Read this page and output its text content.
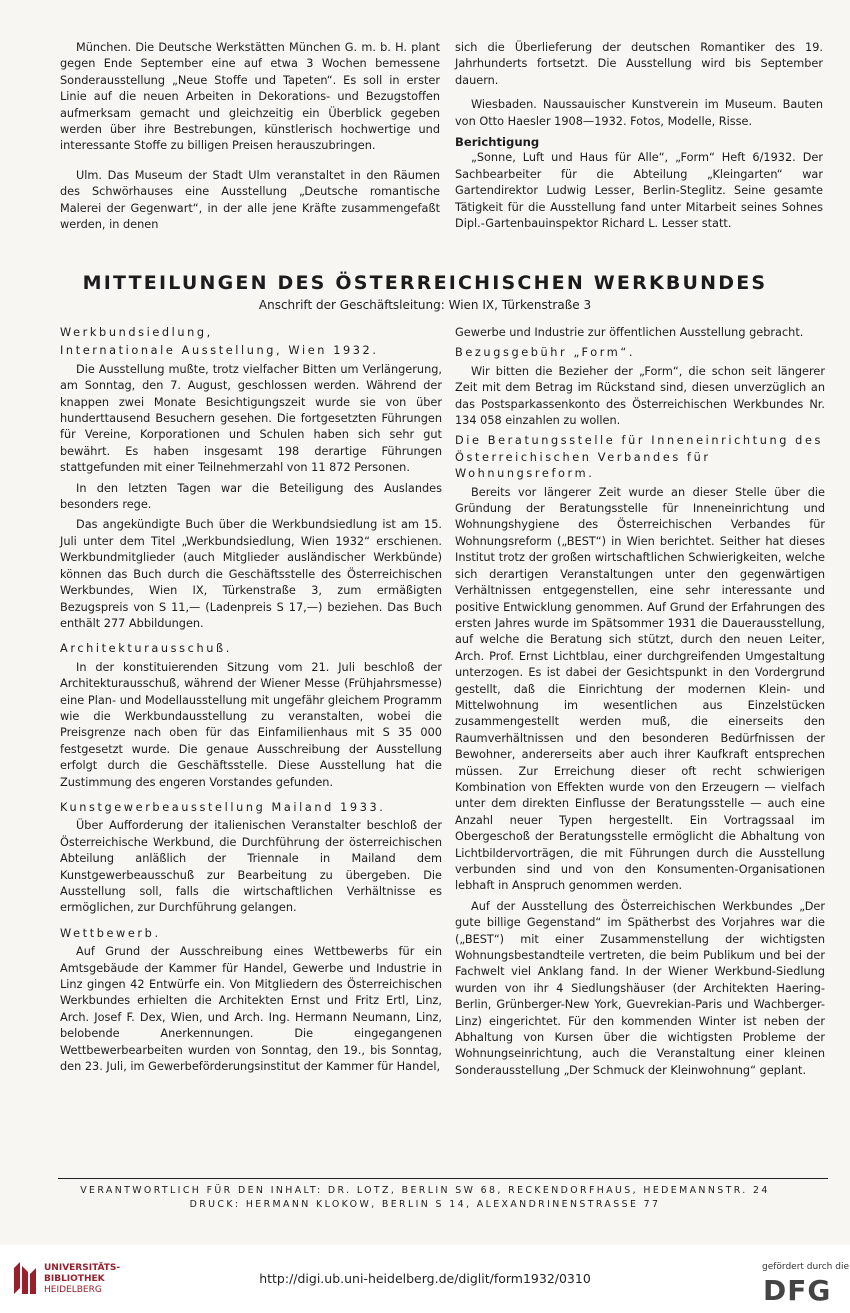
München. Die Deutsche Werkstätten München G. m. b. H. plant gegen Ende September eine auf etwa 3 Wochen bemessene Sonderausstellung „Neue Stoffe und Tapeten“. Es soll in erster Linie auf die neuen Arbeiten in Dekorations- und Bezugstoffen aufmerksam gemacht und gleichzeitig ein Überblick gegeben werden über ihre Bestrebungen, künstlerisch hochwertige und interessante Stoffe zu billigen Preisen herauszubringen.

Ulm. Das Museum der Stadt Ulm veranstaltet in den Räumen des Schwörhauses eine Ausstellung „Deutsche romantische Malerei der Gegenwart“, in der alle jene Kräfte zusammengefaßt werden, in denen

sich die Überlieferung der deutschen Romantiker des 19. Jahrhunderts fortsetzt. Die Ausstellung wird bis September dauern.

Wiesbaden. Naussauischer Kunstverein im Museum. Bauten von Otto Haesler 1908—1932. Fotos, Modelle, Risse.

Berichtigung

„Sonne, Luft und Haus für Alle“, „Form“ Heft 6/1932. Der Sachbearbeiter für die Abteilung „Kleingarten“ war Gartendirektor Ludwig Lesser, Berlin-Steglitz. Seine gesamte Tätigkeit für die Ausstellung fand unter Mitarbeit seines Sohnes Dipl.-Gartenbauinspektor Richard L. Lesser statt.

MITTEILUNGEN DES ÖSTERREICHISCHEN WERKBUNDES
Anschrift der Geschäftsleitung: Wien IX, Türkenstraße 3
Werkbundsiedlung,
Internationale Ausstellung, Wien 1932.

Die Ausstellung mußte, trotz vielfacher Bitten um Verlängerung, am Sonntag, den 7. August, geschlossen werden. Während der knappen zwei Monate Besichtigungszeit wurde sie von über hunderttausend Besuchern gesehen. Die fortgesetzten Führungen für Vereine, Korporationen und Schulen haben sich sehr gut bewährt. Es haben insgesamt 198 derartige Führungen stattgefunden mit einer Teilnehmerzahl von 11 872 Personen.

In den letzten Tagen war die Beteiligung des Auslandes besonders rege.

Das angekündigte Buch über die Werkbundsiedlung ist am 15. Juli unter dem Titel „Werkbundsiedlung, Wien 1932“ erschienen. Werkbundmitglieder (auch Mitglieder ausländischer Werkbünde) können das Buch durch die Geschäftsstelle des Österreichischen Werkbundes, Wien IX, Türkenstraße 3, zum ermäßigten Bezugspreis von S 11,— (Ladenpreis S 17,—) beziehen. Das Buch enthält 277 Abbildungen.

Architekturausschuß.

In der konstituierenden Sitzung vom 21. Juli beschloß der Architekturausschuß, während der Wiener Messe (Frühjahrsmesse) eine Plan- und Modellausstellung mit ungefähr gleichem Programm wie die Werkbundausstellung zu veranstalten, wobei die Preisgrenze nach oben für das Einfamilienhaus mit S 35 000 festgesetzt wurde. Die genaue Ausschreibung der Ausstellung erfolgt durch die Geschäftsstelle. Diese Ausstellung hat die Zustimmung des engeren Vorstandes gefunden.

Kunstgewerbeausstellung Mailand 1933.

Über Aufforderung der italienischen Veranstalter beschloß der Österreichische Werkbund, die Durchführung der österreichischen Abteilung anläßlich der Triennale in Mailand dem Kunstgewerbeausschuß zur Bearbeitung zu übergeben. Die Ausstellung soll, falls die wirtschaftlichen Verhältnisse es ermöglichen, zur Durchführung gelangen.

Wettbewerb.

Auf Grund der Ausschreibung eines Wettbewerbs für ein Amtsgebäude der Kammer für Handel, Gewerbe und Industrie in Linz gingen 42 Entwürfe ein. Von Mitgliedern des Österreichischen Werkbundes erhielten die Architekten Ernst und Fritz Ertl, Linz, Arch. Josef F. Dex, Wien, und Arch. Ing. Hermann Neumann, Linz, belobende Anerkennungen. Die eingegangenen Wettbewerbearbeiten wurden von Sonntag, den 19., bis Sonntag, den 23. Juli, im Gewerbeförderungsinstitut der Kammer für Handel,

Gewerbe und Industrie zur öffentlichen Ausstellung gebracht.

Bezugsgebühr „Form“.

Wir bitten die Bezieher der „Form“, die schon seit längerer Zeit mit dem Betrag im Rückstand sind, diesen unverzüglich an das Postsparkassenkonto des Österreichischen Werkbundes Nr. 134 058 einzahlen zu wollen.

Die Beratungsstelle für Inneneinrichtung des Österreichischen Verbandes für Wohnungsreform.

Bereits vor längerer Zeit wurde an dieser Stelle über die Gründung der Beratungsstelle für Inneneinrichtung und Wohnungshygiene des Österreichischen Verbandes für Wohnungsreform („BEST“) in Wien berichtet. Seither hat dieses Institut trotz der großen wirtschaftlichen Schwierigkeiten, welche sich derartigen Veranstaltungen unter den gegenwärtigen Verhältnissen entgegenstellen, eine sehr interessante und positive Entwicklung genommen. Auf Grund der Erfahrungen des ersten Jahres wurde im Spätsommer 1931 die Dauerausstellung, auf welche die Beratung sich stützt, durch den neuen Leiter, Arch. Prof. Ernst Lichtblau, einer durchgreifenden Umgestaltung unterzogen. Es ist dabei der Gesichtspunkt in den Vordergrund gestellt, daß die Einrichtung der modernen Klein- und Mittelwohnung im wesentlichen aus Einzelstücken zusammengestellt werden muß, die einerseits den Raumverhältnissen und den besonderen Bedürfnissen der Bewohner, andererseits aber auch ihrer Kaufkraft entsprechen müssen. Zur Erreichung dieser oft recht schwierigen Kombination von Effekten wurde von den Erzeugern — vielfach unter dem direkten Einflusse der Beratungsstelle — auch eine Anzahl neuer Typen hergestellt. Ein Vortragssaal im Obergeschoß der Beratungsstelle ermöglicht die Abhaltung von Lichtbildervorträgen, die mit Führungen durch die Ausstellung verbunden sind und von den Konsumenten-Organisationen lebhaft in Anspruch genommen werden.

Auf der Ausstellung des Österreichischen Werkbundes „Der gute billige Gegenstand“ im Spätherbst des Vorjahres war die („BEST“) mit einer Zusammenstellung der wichtigsten Wohnungsbestandteile vertreten, die beim Publikum und bei der Fachwelt viel Anklang fand. In der Wiener Werkbund-Siedlung wurden von ihr 4 Siedlungshäuser (der Architekten Haering-Berlin, Grünberger-New York, Guevrekian-Paris und Wachberger-Linz) eingerichtet. Für den kommenden Winter ist neben der Abhaltung von Kursen über die wichtigsten Probleme der Wohnungseinrichtung, auch die Veranstaltung einer kleinen Sonderausstellung „Der Schmuck der Kleinwohnung“ geplant.

VERANTWORTLICH FÜR DEN INHALT: DR. LOTZ, BERLIN SW 68, RECKENDORFHAUS, HEDEMANNSTR. 24
DRUCK: HERMANN KLOKOW, BERLIN S 14, ALEXANDRINENSTRASSE 77
UNIVERSITÄTS-
BIBLIOTHEK
HEIDELBERG
http://digi.ub.uni-heidelberg.de/diglit/form1932/0310
gefördert durch die
DFG
